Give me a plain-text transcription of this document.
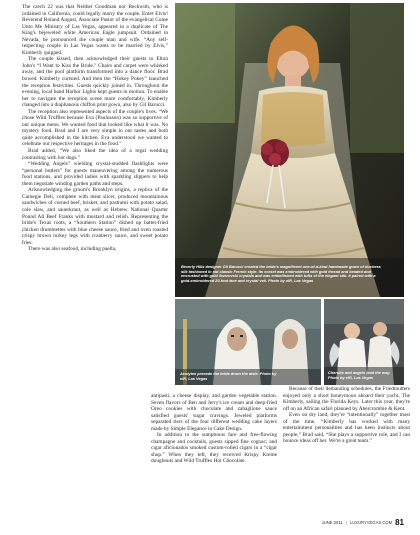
The czech 22 was that Neither Goodman nor Beckwith, who is ordained in California, could legally marry the couple. Enter Elvis! Reverend Roland August, Associate Pastor of the evangelical Come Unto Me Ministry of Las Vegas, appeared in a duplicate of The King's bejeweled white American Eagle jumpsuit. Ordained in Nevada, he pronounced the couple man and wife. “Any self-respecting couple in Las Vegas wants to be married by Elvis,” Kimberly quipped.

The couple kissed, then acknowledged their guests to Elton John's “I Want to Kiss the Bride.” Chairs and carpet were whisked away, and the pool platform transformed into a dance floor. Brad bowed. Kimberly curtsied. And then the “Hokey Pokey” launched the reception festivities. Guests quickly joined in. Throughout the evening, local band Harbor Lights kept guests in motion. To enable her to navigate the reception scene more comfortably, Kimberly changed into a diaphanous chiffon print gown, also by Gil Barucci.

The reception also represented aspects of the couple's lives. “We chose Wild Truffles because Eva (Paulusson) was so supportive of our unique menu. We wanted food that looked like what it was. No mystery food. Brad and I are very simple in our tastes and both quite accomplished in the kitchen. Eva understood we wanted to celebrate our respective heritages in the food.”

Brad added, “We also liked the idea of a regal wedding contrasting with hot dogs.”

“Wedding Angels” wielding crystal-studded flashlights were “personal butlers” for guests maneuvering among the numerous food stations, and provided ladies with sparkling slippers to help them negotiate winding garden paths and steps.

Acknowledging the groom's Brooklyn origins, a replica of the Carnegie Deli, complete with meat slicer, produced mountainous sandwiches of corned beef, brisket, and pastrami with potato salad, cole slaw, and sauerkraut, as well as Hebrew National Quarter Pound All Beef Franks with mustard and relish. Representing the bride's Texas roots, a “Southern Station” dished up batter-fried chicken drummettes with blue cheese sauce, fried and oven roasted crispy brown turkey legs with cranberry sauce, and sweet potato fries.

There was also seafood, including paella,

Beverly Hills designer Gil Barucci created the bride's magnificent one-of-a-kind handmade gown of duchess silk fashioned in old classic French style. Its corset was embroidered with gold thread and beaded and encrusted with gold Swarovski crystals and was embellished with tufts of the elegant silk. It paired with a gold-embroidered 20-foot lace and crystal veil. Photo by elR, Las Vegas
Acolytes precede the bride down the aisle. Photo by elR, Las Vegas
Cherubs and angels lead the way. Photo by elR, Las Vegas

antipasti, a cheese display, and garden vegetable station. Seven flavors of Ben and Jerry's ice cream and deep-fried Oreo cookies with chocolate and zabaglione sauce satisfied guests' sugar cravings. Jeweled platforms separated tiers of the four different wedding cake layers made by Simple Elegance in Cake Design.

In addition to the sumptuous fare and free-flowing champagne and cocktails, guests sipped fine cognac; and cigar aficionados smoked custom-rolled cigars in a “cigar shop.” When they left, they received Krispy Kreme doughnuts and Wild Truffles Hot Chocolate.

Because of their demanding schedules, the Friedmutters enjoyed only a short honeymoon aboard their yacht, The Kimberly, sailing the Florida Keys. Later this year, they're off on an African safari planned by Abercrombie & Kent.

Even on dry land, they're “intentionally” together most of the time. “Kimberly has worked with many entertainment personalities and has keen instincts about people,” Brad said. “She plays a supportive role, and I can bounce ideas off her. We're a great team.”

JUNE 2011 | LUXURYVEGAS.COM 81
